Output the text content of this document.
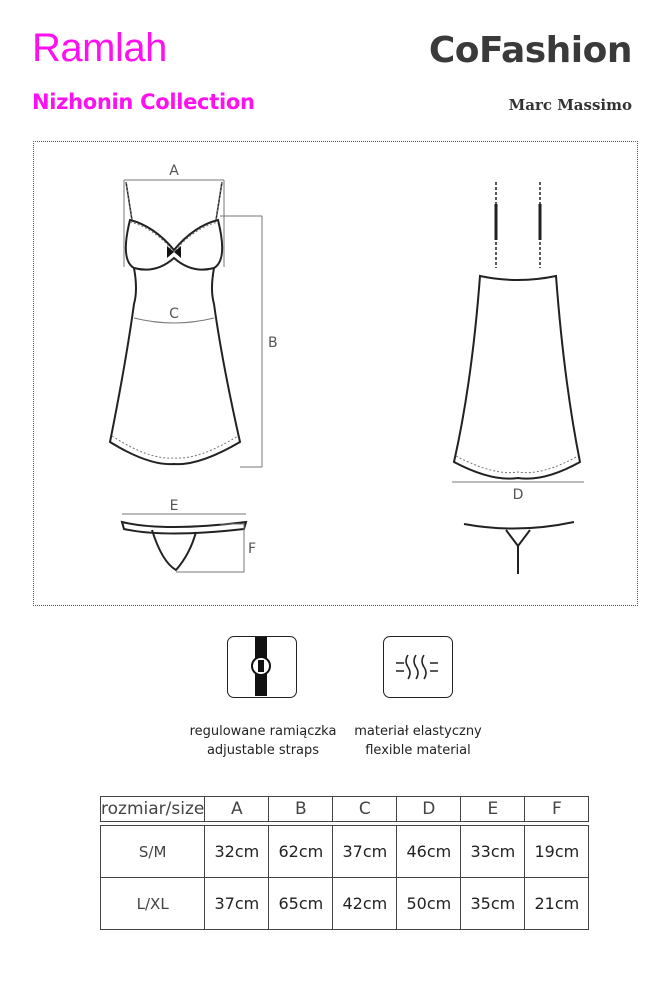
Ramlah	CoFashion
Nizhonin Collection	Marc Massimo
A
B
C
D
E
F
regulowane ramiączka
adjustable straps
materiał elastyczny
flexible material
rozmiar/size	A	B	C	D	E	F

S/M	32cm	62cm	37cm	46cm	33cm	19cm
L/XL	37cm	65cm	42cm	50cm	35cm	21cm
